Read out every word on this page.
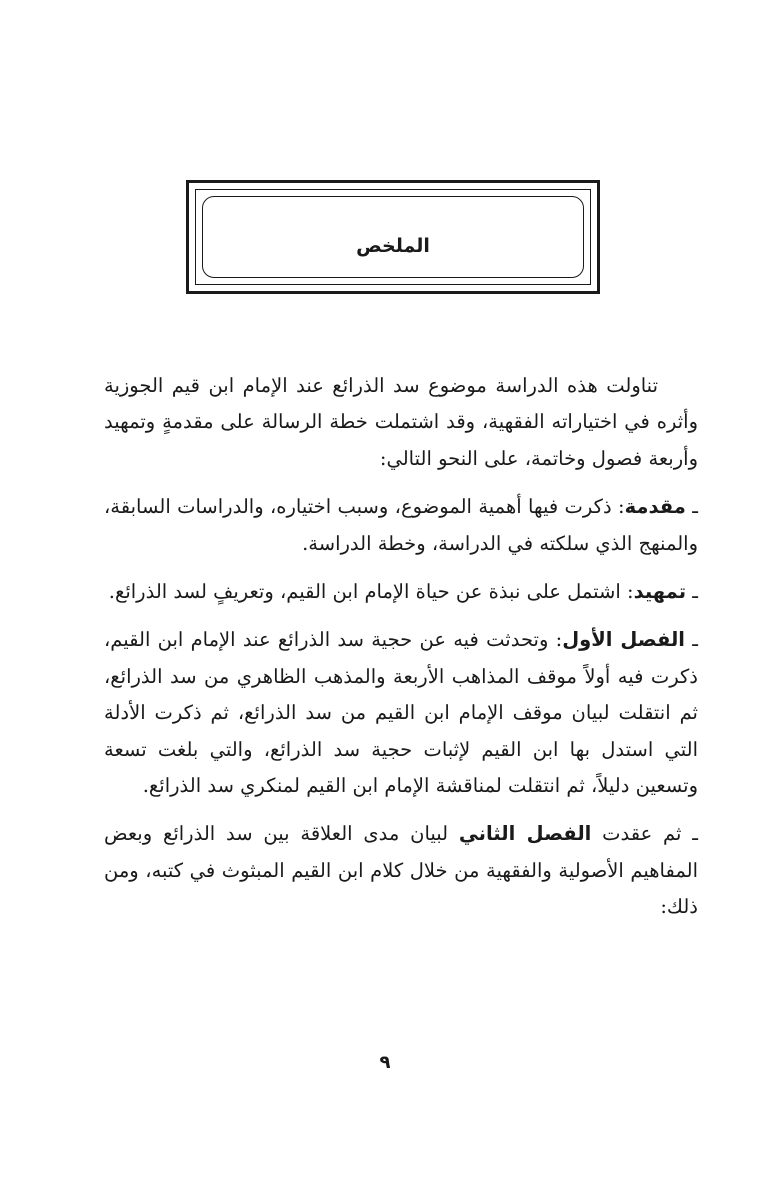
الملخص

تناولت هذه الدراسة موضوع سد الذرائع عند الإمام ابن قيم الجوزية وأثره في اختياراته الفقهية، وقد اشتملت خطة الرسالة على مقدمةٍ وتمهيد وأربعة فصول وخاتمة، على النحو التالي:

ـ مقدمة: ذكرت فيها أهمية الموضوع، وسبب اختياره، والدراسات السابقة، والمنهج الذي سلكته في الدراسة، وخطة الدراسة.

ـ تمهيد: اشتمل على نبذة عن حياة الإمام ابن القيم، وتعريفٍ لسد الذرائع.

ـ الفصل الأول: وتحدثت فيه عن حجية سد الذرائع عند الإمام ابن القيم، ذكرت فيه أولاً موقف المذاهب الأربعة والمذهب الظاهري من سد الذرائع، ثم انتقلت لبيان موقف الإمام ابن القيم من سد الذرائع، ثم ذكرت الأدلة التي استدل بها ابن القيم لإثبات حجية سد الذرائع، والتي بلغت تسعة وتسعين دليلاً، ثم انتقلت لمناقشة الإمام ابن القيم لمنكري سد الذرائع.

ـ ثم عقدت الفصل الثاني لبيان مدى العلاقة بين سد الذرائع وبعض المفاهيم الأصولية والفقهية من خلال كلام ابن القيم المبثوث في كتبه، ومن ذلك:

٩
